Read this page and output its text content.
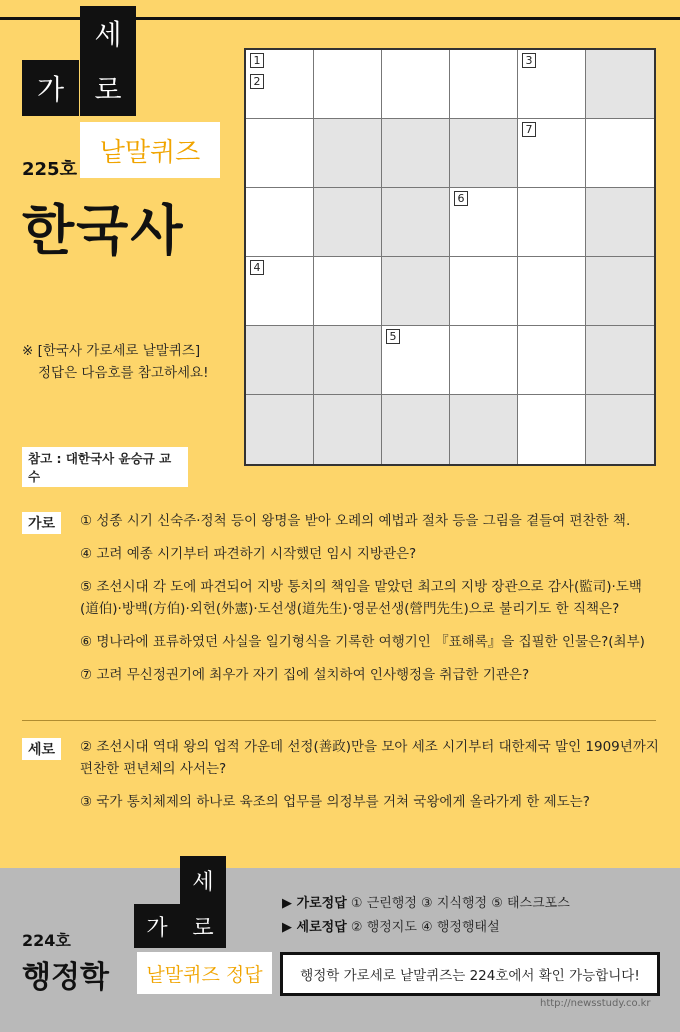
세
가 로
225호
낱말퀴즈
한국사
※ [한국사 가로세로 낱말퀴즈]
정답은 다음호를 참고하세요!
참고 : 대한국사 윤승규 교수
1
2
3
7
6
4
5
가로	① 성종 시기 신숙주·정척 등이 왕명을 받아 오례의 예법과 절차 등을 그림을 곁들여 편찬한 책.
④ 고려 예종 시기부터 파견하기 시작했던 임시 지방관은?
⑤ 조선시대 각 도에 파견되어 지방 통치의 책임을 맡았던 최고의 지방 장관으로 감사(監司)·도백(道伯)·방백(方伯)·외헌(外憲)·도선생(道先生)·영문선생(營門先生)으로 불리기도 한 직책은?
⑥ 명나라에 표류하였던 사실을 일기형식을 기록한 여행기인 『표해록』을 집필한 인물은?(최부)
⑦ 고려 무신정권기에 최우가 자기 집에 설치하여 인사행정을 취급한 기관은?
세로	② 조선시대 역대 왕의 업적 가운데 선정(善政)만을 모아 세조 시기부터 대한제국 말인 1909년까지 편찬한 편년체의 사서는?
③ 국가 통치체제의 하나로 육조의 업무를 의정부를 거쳐 국왕에게 올라가게 한 제도는?
세
가 로
224호
행정학	낱말퀴즈 정답
▶ 가로정답 ① 근린행정 ③ 지식행정 ⑤ 태스크포스
▶ 세로정답 ② 행정지도 ④ 행정행태설
행정학 가로세로 낱말퀴즈는 224호에서 확인 가능합니다!
http://newsstudy.co.kr
